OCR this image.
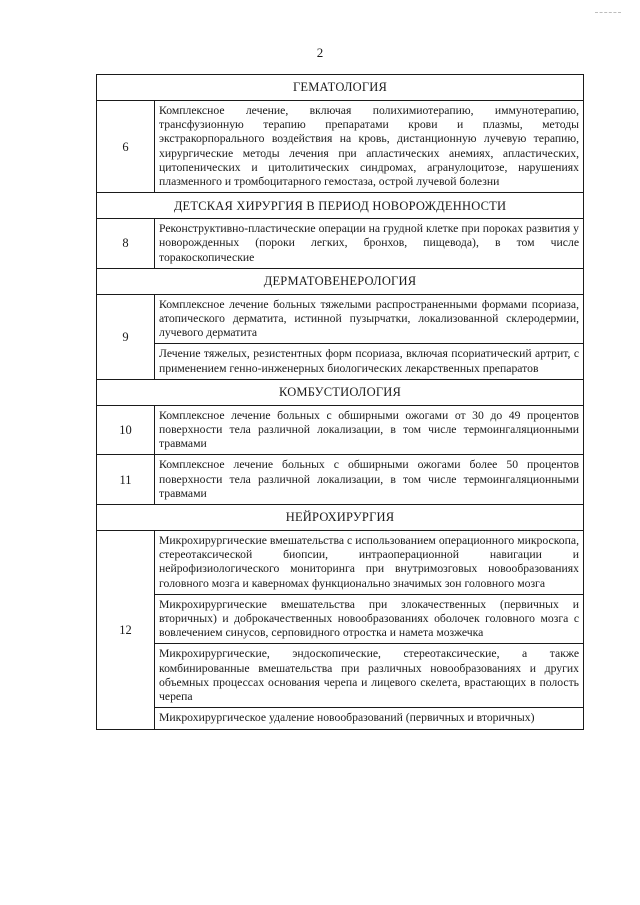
2
ГЕМАТОЛОГИЯ	
6	Комплексное лечение, включая полихимиотерапию, иммунотерапию, трансфузионную терапию препаратами крови и плазмы, методы экстракорпорального воздействия на кровь, дистанционную лучевую терапию, хирургические методы лечения при апластических анемиях, апластических, цитопенических и цитолитических синдромах, агранулоцитозе, нарушениях плазменного и тромбоцитарного гемостаза, острой лучевой болезни
ДЕТСКАЯ ХИРУРГИЯ В ПЕРИОД НОВОРОЖДЕННОСТИ	
8	Реконструктивно-пластические операции на грудной клетке при пороках развития у новорожденных (пороки легких, бронхов, пищевода), в том числе торакоскопические
ДЕРМАТОВЕНЕРОЛОГИЯ	
9	Комплексное лечение больных тяжелыми распространенными формами псориаза, атопического дерматита, истинной пузырчатки, локализованной склеродермии, лучевого дерматита
	Лечение тяжелых, резистентных форм псориаза, включая псориатический артрит, с применением генно-инженерных биологических лекарственных препаратов
КОМБУСТИОЛОГИЯ	
10	Комплексное лечение больных с обширными ожогами от 30 до 49 процентов поверхности тела различной локализации, в том числе термоингаляционными травмами
11	Комплексное лечение больных с обширными ожогами более 50 процентов поверхности тела различной локализации, в том числе термоингаляционными травмами
НЕЙРОХИРУРГИЯ	
12	Микрохирургические вмешательства с использованием операционного микроскопа, стереотаксической биопсии, интраоперационной навигации и нейрофизиологического мониторинга при внутримозговых новообразованиях головного мозга и каверномах функционально значимых зон головного мозга
	Микрохирургические вмешательства при злокачественных (первичных и вторичных) и доброкачественных новообразованиях оболочек головного мозга с вовлечением синусов, серповидного отростка и намета мозжечка
	Микрохирургические, эндоскопические, стереотаксические, а также комбинированные вмешательства при различных новообразованиях и других объемных процессах основания черепа и лицевого скелета, врастающих в полость черепа
	Микрохирургическое удаление новообразований (первичных и вторичных)
